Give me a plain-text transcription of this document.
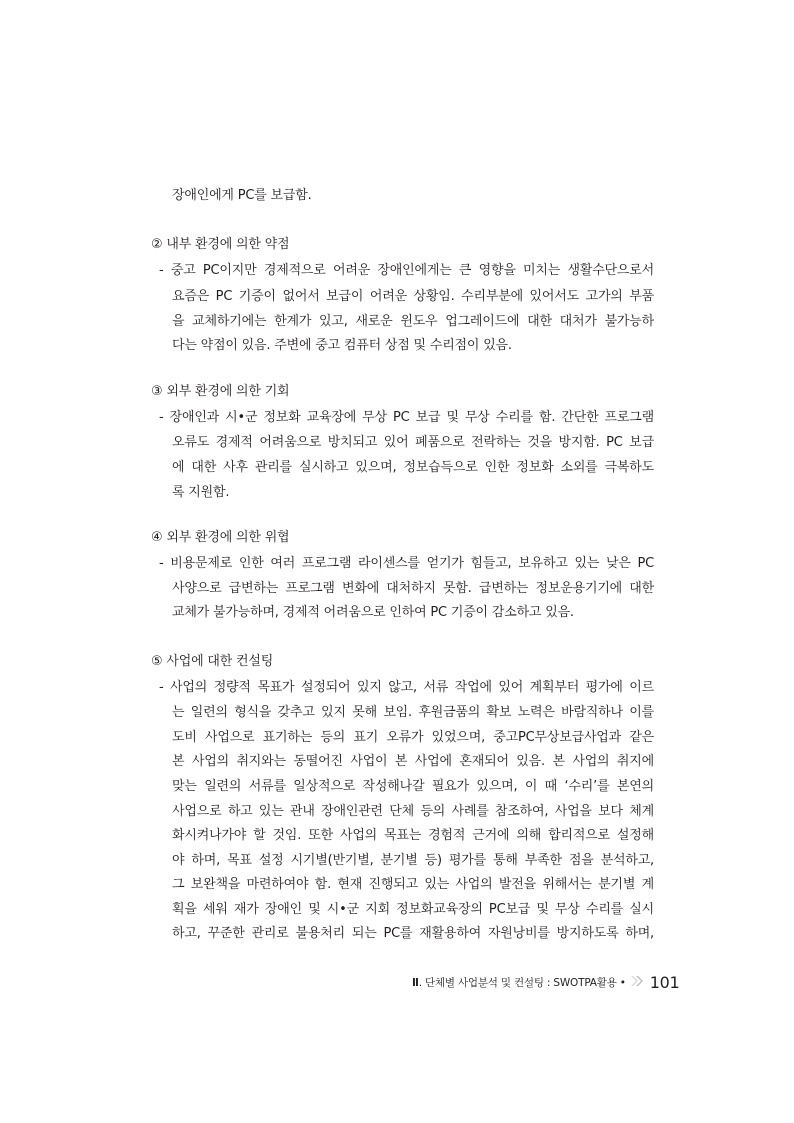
장애인에게 PC를 보급함.
② 내부 환경에 의한 약점
- 중고 PC이지만 경제적으로 어려운 장애인에게는 큰 영향을 미치는 생활수단으로서
요즘은 PC 기증이 없어서 보급이 어려운 상황임. 수리부분에 있어서도 고가의 부품
을 교체하기에는 한계가 있고, 새로운 윈도우 업그레이드에 대한 대처가 불가능하
다는 약점이 있음. 주변에 중고 컴퓨터 상점 및 수리점이 있음.
③ 외부 환경에 의한 기회
- 장애인과 시•군 정보화 교육장에 무상 PC 보급 및 무상 수리를 함. 간단한 프로그램
오류도 경제적 어려움으로 방치되고 있어 폐품으로 전락하는 것을 방지함. PC 보급
에 대한 사후 관리를 실시하고 있으며, 정보습득으로 인한 정보화 소외를 극복하도
록 지원함.
④ 외부 환경에 의한 위협
- 비용문제로 인한 여러 프로그램 라이센스를 얻기가 힘들고, 보유하고 있는 낮은 PC
사양으로 급변하는 프로그램 변화에 대처하지 못함. 급변하는 정보운용기기에 대한
교체가 불가능하며, 경제적 어려움으로 인하여 PC 기증이 감소하고 있음.
⑤ 사업에 대한 컨설팅
- 사업의 정량적 목표가 설정되어 있지 않고, 서류 작업에 있어 계획부터 평가에 이르
는 일련의 형식을 갖추고 있지 못해 보임. 후원금품의 확보 노력은 바람직하나 이를
도비 사업으로 표기하는 등의 표기 오류가 있었으며, 중고PC무상보급사업과 같은
본 사업의 취지와는 동떨어진 사업이 본 사업에 혼재되어 있음. 본 사업의 취지에
맞는 일련의 서류를 일상적으로 작성해나갈 필요가 있으며, 이 때 ‘수리’를 본연의
사업으로 하고 있는 관내 장애인관련 단체 등의 사례를 참조하여, 사업을 보다 체계
화시켜나가야 할 것임. 또한 사업의 목표는 경험적 근거에 의해 합리적으로 설정해
야 하며, 목표 설정 시기별(반기별, 분기별 등) 평가를 통해 부족한 점을 분석하고,
그 보완책을 마련하여야 함. 현재 진행되고 있는 사업의 발전을 위해서는 분기별 계
획을 세워 재가 장애인 및 시•군 지회 정보화교육장의 PC보급 및 무상 수리를 실시
하고, 꾸준한 관리로 불용처리 되는 PC를 재활용하여 자원낭비를 방지하도록 하며,
Ⅱ. 단체별 사업분석 및 컨설팅 : SWOTPA활용 • 101
